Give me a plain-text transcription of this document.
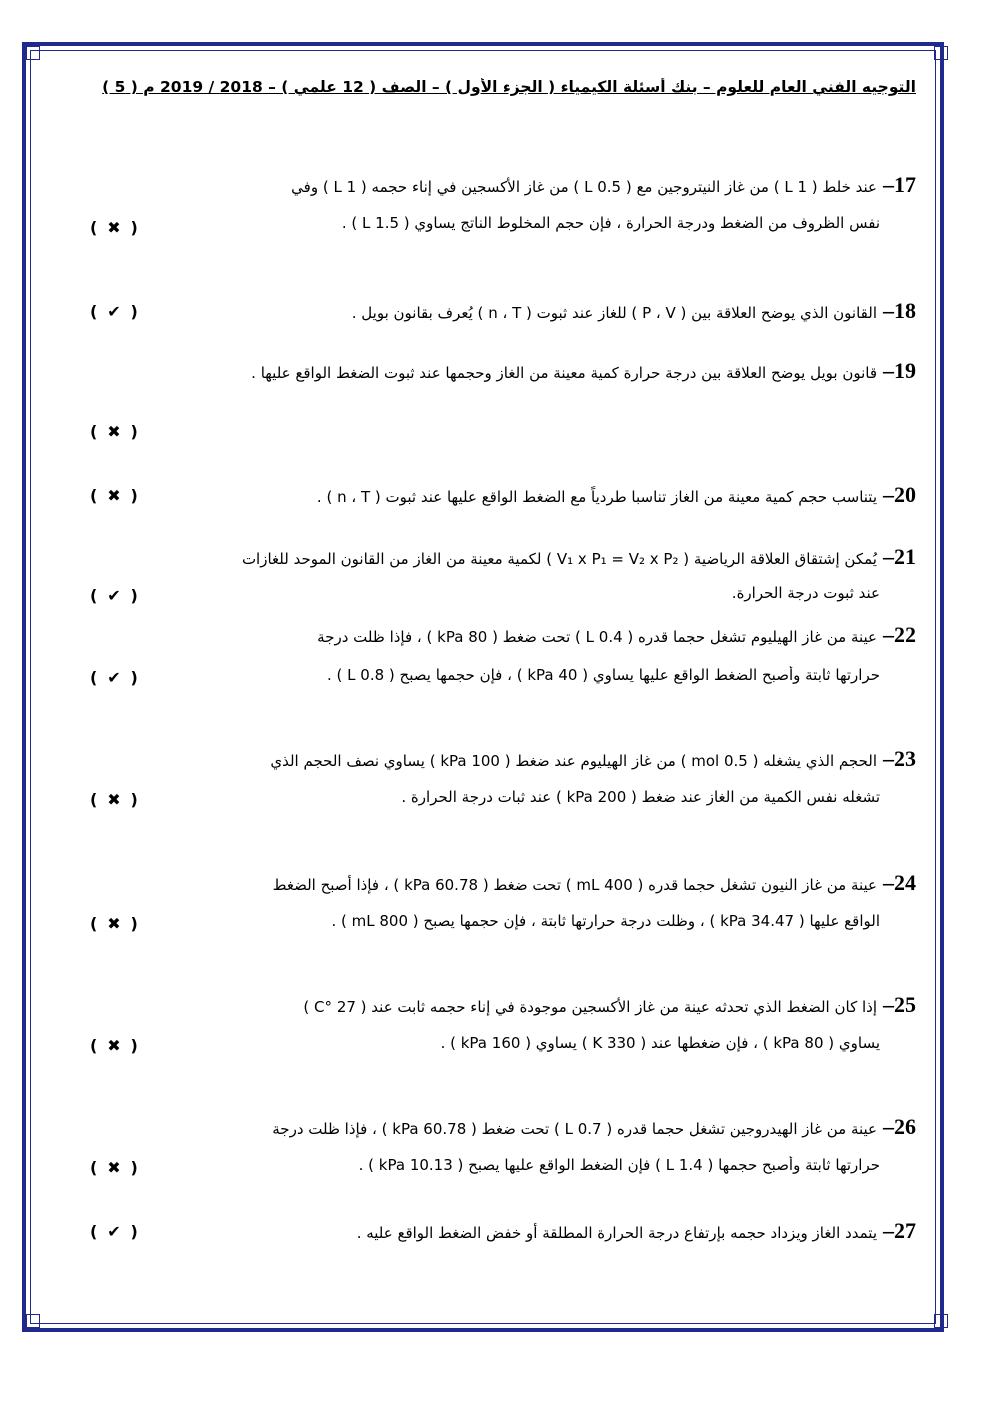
التوجيه الفني العام للعلوم – بنك أسئلة الكيمياء ( الجزء الأول ) – الصف ( 12 علمي ) – 2018 / 2019 م ( 5 )
17–عند خلط ( 1 L ) من غاز النيتروجين مع ( 0.5 L ) من غاز الأكسجين في إناء حجمه ( 1 L ) وفي
نفس الظروف من الضغط ودرجة الحرارة ، فإن حجم المخلوط الناتج يساوي ( 1.5 L ) .
( ✖ )
18–القانون الذي يوضح العلاقة بين ( P ، V ) للغاز عند ثبوت ( n ، T ) يُعرف بقانون بويل .
( ✔ )
19–قانون بويل يوضح العلاقة بين درجة حرارة كمية معينة من الغاز وحجمها عند ثبوت الضغط الواقع عليها .
( ✖ )
20–يتناسب حجم كمية معينة من الغاز تناسبا طردياً مع الضغط الواقع عليها عند ثبوت ( n ، T ) .
( ✖ )
21–يُمكن إشتقاق العلاقة الرياضية ( V₁ x P₁ = V₂ x P₂ ) لكمية معينة من الغاز من القانون الموحد للغازات
عند ثبوت درجة الحرارة.
( ✔ )
22–عينة من غاز الهيليوم تشغل حجما قدره ( 0.4 L ) تحت ضغط ( 80 kPa ) ، فإذا ظلت درجة
حرارتها ثابتة وأصبح الضغط الواقع عليها يساوي ( 40 kPa ) ، فإن حجمها يصبح ( 0.8 L ) .
( ✔ )
23–الحجم الذي يشغله ( 0.5 mol ) من غاز الهيليوم عند ضغط ( 100 kPa ) يساوي نصف الحجم الذي
تشغله نفس الكمية من الغاز عند ضغط ( 200 kPa ) عند ثبات درجة الحرارة .
( ✖ )
24–عينة من غاز النيون تشغل حجما قدره ( 400 mL ) تحت ضغط ( 60.78 kPa ) ، فإذا أصبح الضغط
الواقع عليها ( 34.47 kPa ) ، وظلت درجة حرارتها ثابتة ، فإن حجمها يصبح ( 800 mL ) .
( ✖ )
25–إذا كان الضغط الذي تحدثه عينة من غاز الأكسجين موجودة في إناء حجمه ثابت عند ( 27 °C )
يساوي ( 80 kPa ) ، فإن ضغطها عند ( 330 K ) يساوي ( 160 kPa ) .
( ✖ )
26–عينة من غاز الهيدروجين تشغل حجما قدره ( 0.7 L ) تحت ضغط ( 60.78 kPa ) ، فإذا ظلت درجة
حرارتها ثابتة وأصبح حجمها ( 1.4 L ) فإن الضغط الواقع عليها يصبح ( 10.13 kPa ) .
( ✖ )
27–يتمدد الغاز ويزداد حجمه بإرتفاع درجة الحرارة المطلقة أو خفض الضغط الواقع عليه .
( ✔ )
